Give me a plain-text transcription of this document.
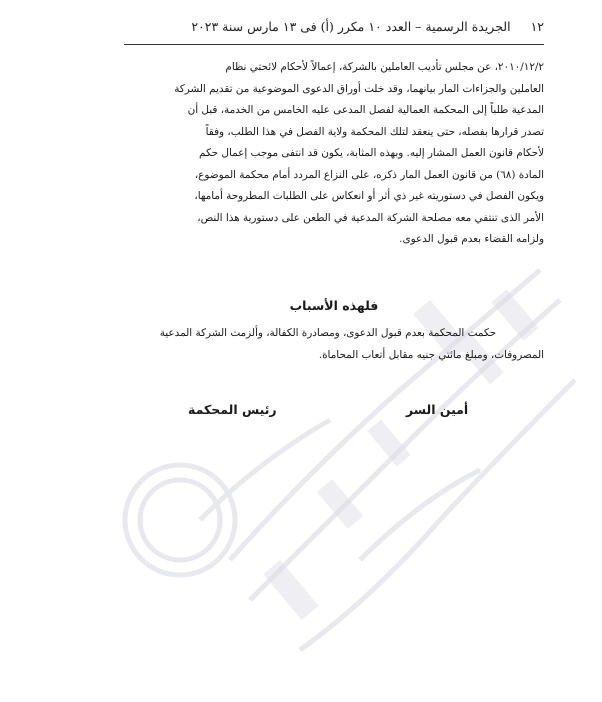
١٢
الجريدة الرسمية – العدد ١٠ مكرر (أ) فى ١٣ مارس سنة ٢٠٢٣

٢٠١٠/١٢/٢، عن مجلس تأديب العاملين بالشركة، إعمالاً لأحكام لائحتي نظام

العاملين والجزاءات المار بيانهما، وقد خلت أوراق الدعوى الموضوعية من تقديم الشركة

المدعية طلباً إلى المحكمة العمالية لفصل المدعى عليه الخامس من الخدمة، قبل أن

تصدر قرارها بفصله، حتى ينعقد لتلك المحكمة ولاية الفصل في هذا الطلب، وفقاً

لأحكام قانون العمل المشار إليه. وبهذه المثابة، يكون قد انتفى موجب إعمال حكم

المادة (٦٨) من قانون العمل المار ذكره، على النزاع المردد أمام محكمة الموضوع،

ويكون الفصل في دستوريته غير ذي أثر أو انعكاس على الطلبات المطروحة أمامها،

الأمر الذى تنتفي معه مصلحة الشركة المدعية في الطعن على دستورية هذا النص،

ولزامه القضاء بعدم قبول الدعوى.

فلهذه الأسباب

حكمت المحكمة بعدم قبول الدعوى، ومصادرة الكفالة، وألزمت الشركة المدعية

المصروفات، ومبلغ مائتي جنيه مقابل أتعاب المحاماة.

أمين السر
رئيس المحكمة
